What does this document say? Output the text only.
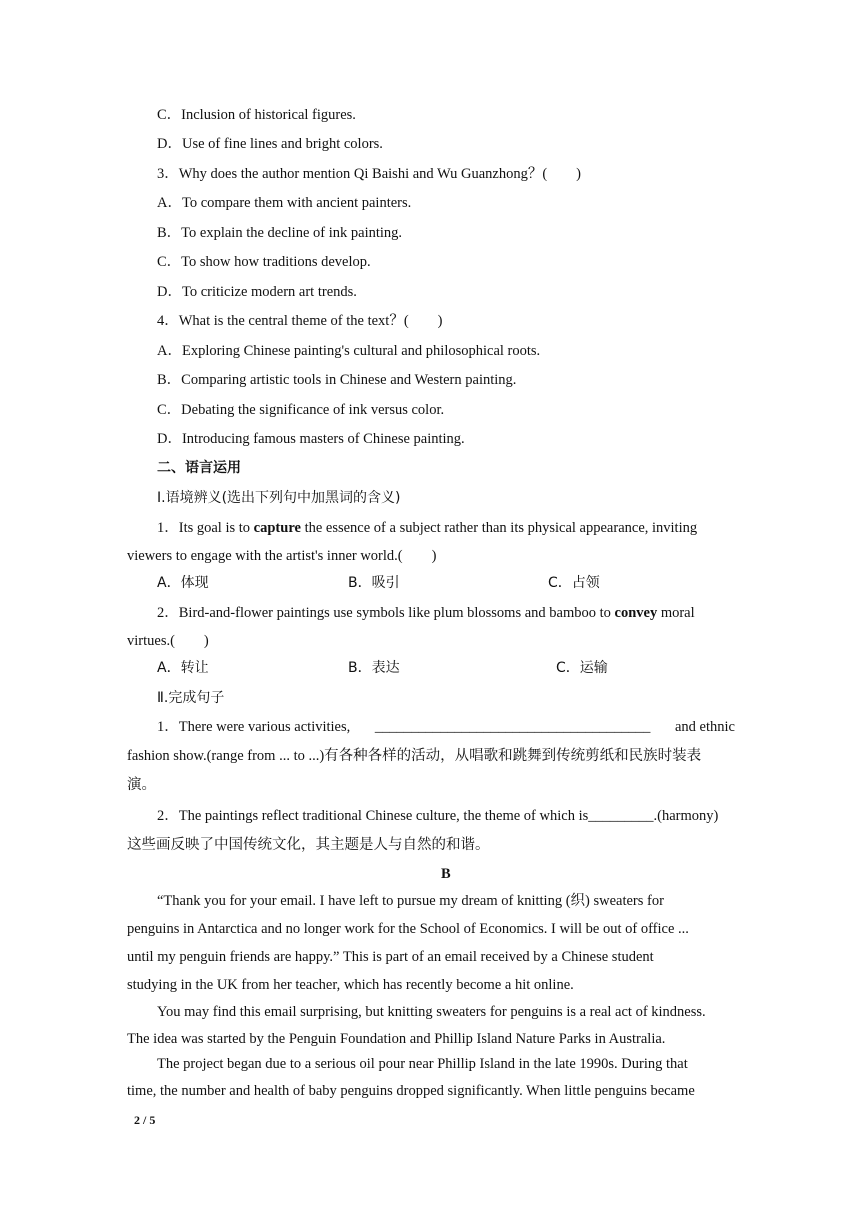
C．Inclusion of historical figures.
D．Use of fine lines and bright colors.
3．Why does the author mention Qi Baishi and Wu Guanzhong？(　　)
A．To compare them with ancient painters.
B．To explain the decline of ink painting.
C．To show how traditions develop.
D．To criticize modern art trends.
4．What is the central theme of the text？(　　)
A．Exploring Chinese painting's cultural and philosophical roots.
B．Comparing artistic tools in Chinese and Western painting.
C．Debating the significance of ink versus color.
D．Introducing famous masters of Chinese painting.
二、语言运用
Ⅰ.语境辨义(选出下列句中加黑词的含义)
1．Its goal is to capture the essence of a subject rather than its physical appearance, inviting
viewers to engage with the artist's inner world.(　　)
A．体现	B．吸引	C．占领
2．Bird-and-flower paintings use symbols like plum blossoms and bamboo to convey moral
virtues.(　　)
A．转让	B．表达	C．运输
Ⅱ.完成句子
1．There were various activities, ______________________________________ and ethnic
fashion show.(range from ... to ...)有各种各样的活动，从唱歌和跳舞到传统剪纸和民族时装表
演。
2．The paintings reflect traditional Chinese culture, the theme of which is_________.(harmony)
这些画反映了中国传统文化，其主题是人与自然的和谐。
B
“Thank you for your email. I have left to pursue my dream of knitting (织) sweaters for
penguins in Antarctica and no longer work for the School of Economics. I will be out of office ...
until my penguin friends are happy.” This is part of an email received by a Chinese student
studying in the UK from her teacher, which has recently become a hit online.
You may find this email surprising, but knitting sweaters for penguins is a real act of kindness.
The idea was started by the Penguin Foundation and Phillip Island Nature Parks in Australia.
The project began due to a serious oil pour near Phillip Island in the late 1990s. During that
time, the number and health of baby penguins dropped significantly. When little penguins became
2 / 5
